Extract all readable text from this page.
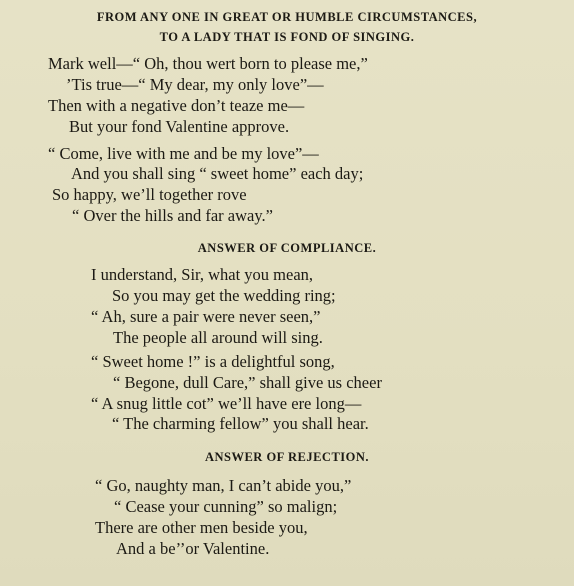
FROM ANY ONE IN GREAT OR HUMBLE CIRCUMSTANCES,
TO A LADY THAT IS FOND OF SINGING.
Mark well—“ Oh, thou wert born to please me,”
’Tis true—“ My dear, my only love”—
Then with a negative don’t teaze me—
But your fond Valentine approve.
“ Come, live with me and be my love”—
And you shall sing “ sweet home” each day;
So happy, we’ll together rove
“ Over the hills and far away.”
ANSWER OF COMPLIANCE.
I understand, Sir, what you mean,
So you may get the wedding ring;
“ Ah, sure a pair were never seen,”
The people all around will sing.
“ Sweet home !” is a delightful song,
“ Begone, dull Care,” shall give us cheer
“ A snug little cot” we’ll have ere long—
“ The charming fellow” you shall hear.
ANSWER OF REJECTION.
“ Go, naughty man, I can’t abide you,”
“ Cease your cunning” so malign;
There are other men beside you,
And a be’’or Valentine.
